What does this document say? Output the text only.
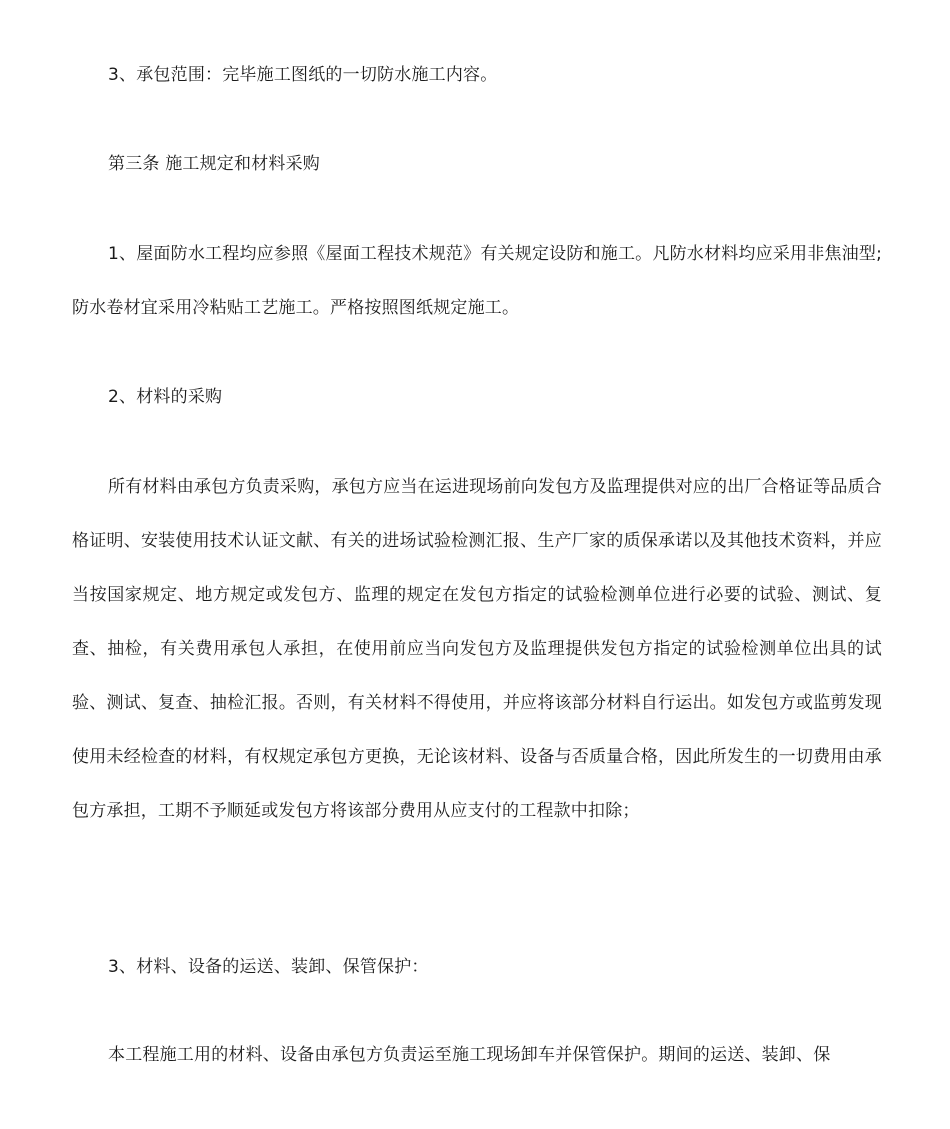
3、承包范围：完毕施工图纸的一切防水施工内容。

第三条 施工规定和材料采购

1、屋面防水工程均应参照《屋面工程技术规范》有关规定设防和施工。凡防水材料均应采用非焦油型;防水卷材宜采用冷粘贴工艺施工。严格按照图纸规定施工。

2、材料的采购

所有材料由承包方负责采购，承包方应当在运进现场前向发包方及监理提供对应的出厂合格证等品质合格证明、安装使用技术认证文献、有关的进场试验检测汇报、生产厂家的质保承诺以及其他技术资料，并应当按国家规定、地方规定或发包方、监理的规定在发包方指定的试验检测单位进行必要的试验、测试、复查、抽检，有关费用承包人承担，在使用前应当向发包方及监理提供发包方指定的试验检测单位出具的试验、测试、复查、抽检汇报。否则，有关材料不得使用，并应将该部分材料自行运出。如发包方或监剪发现使用未经检查的材料，有权规定承包方更换，无论该材料、设备与否质量合格，因此所发生的一切费用由承包方承担，工期不予顺延或发包方将该部分费用从应支付的工程款中扣除；

3、材料、设备的运送、装卸、保管保护：

本工程施工用的材料、设备由承包方负责运至施工现场卸车并保管保护。期间的运送、装卸、保
